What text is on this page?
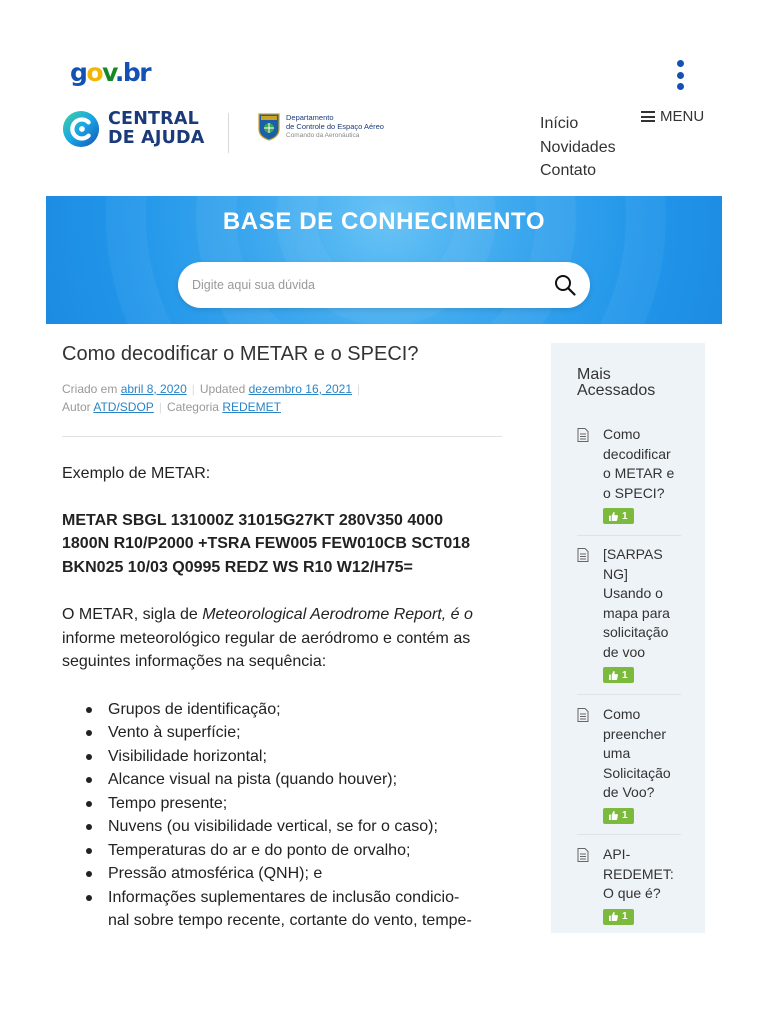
gov.br
CENTRAL
DE AJUDA
Departamento
de Controle do Espaço Aéreo
Comando da Aeronáutica
Início
Novidades
Contato
MENU
BASE DE CONHECIMENTO
Digite aqui sua dúvida
Como decodificar o METAR e o SPECI?
Criado em abril 8, 2020 | Updated dezembro 16, 2021 |
Autor ATD/SDOP | Categoria REDEMET

Exemplo de METAR:

METAR SBGL 131000Z 31015G27KT 280V350 4000
1800N R10/P2000 +TSRA FEW005 FEW010CB SCT018
BKN025 10/03 Q0995 REDZ WS R10 W12/H75=
O METAR, sigla de Meteorological Aerodrome Report, é o
informe meteorológico regular de aeródromo e contém as
seguintes informações na sequência:
Grupos de identificação;
Vento à superfície;
Visibilidade horizontal;
Alcance visual na pista (quando houver);
Tempo presente;
Nuvens (ou visibilidade vertical, se for o caso);
Temperaturas do ar e do ponto de orvalho;
Pressão atmosférica (QNH); e
Informações suplementares de inclusão condicio-
nal sobre tempo recente, cortante do vento, tempe-
Mais
Acessados
Como
decodificar
o METAR e
o SPECI?
1
[SARPAS
NG]
Usando o
mapa para
solicitação
de voo
1
Como
preencher
uma
Solicitação
de Voo?
1
API-
REDEMET:
O que é?
1
